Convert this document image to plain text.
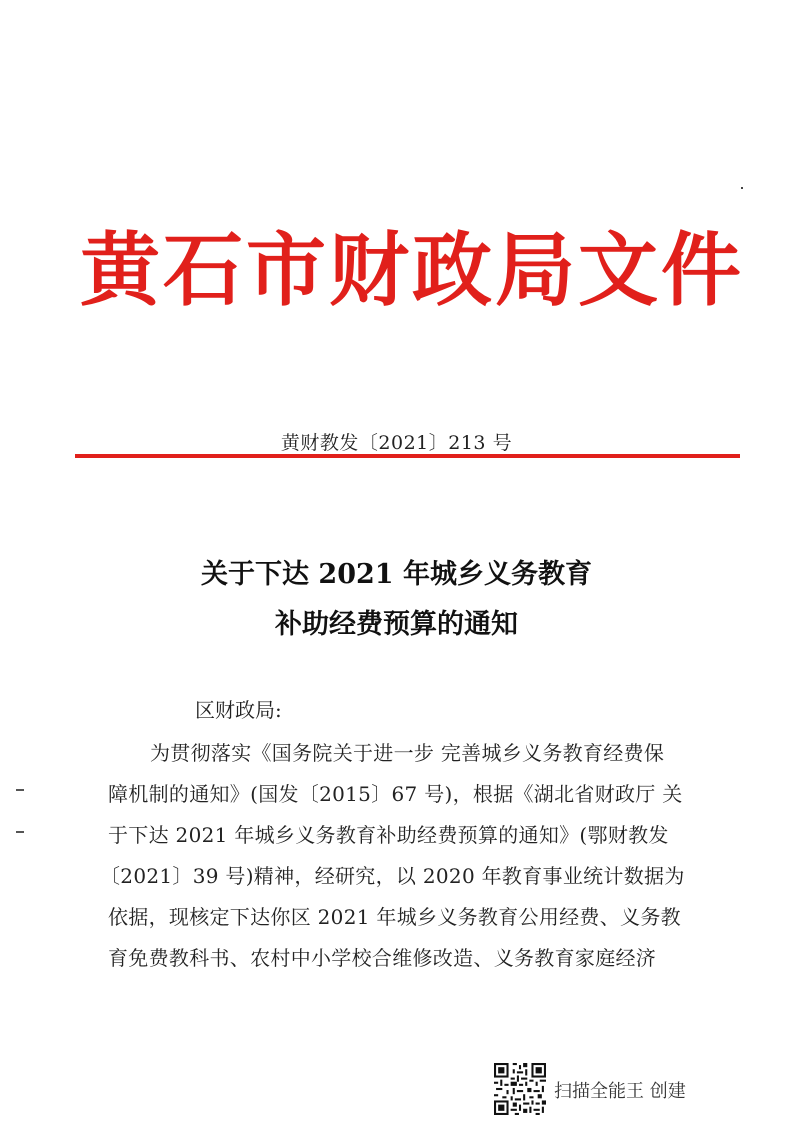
黄石市财政局文件
黄财教发〔2021〕213 号
关于下达 2021 年城乡义务教育
补助经费预算的通知
区财政局:
为贯彻落实《国务院关于进一步 完善城乡义务教育经费保
障机制的通知》(国发〔2015〕67 号)，根据《湖北省财政厅 关
于下达 2021 年城乡义务教育补助经费预算的通知》(鄂财教发
〔2021〕39 号)精神，经研究，以 2020 年教育事业统计数据为
依据，现核定下达你区 2021 年城乡义务教育公用经费、义务教
育免费教科书、农村中小学校合维修改造、义务教育家庭经济
扫描全能王 创建
